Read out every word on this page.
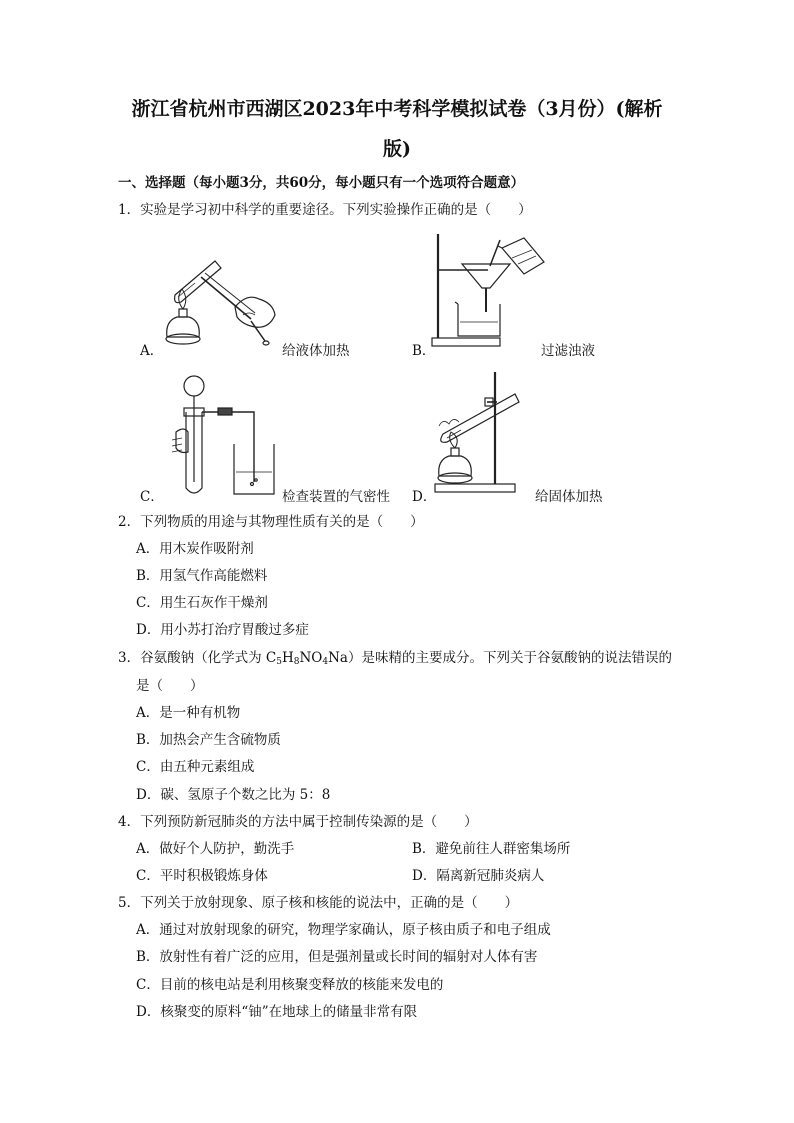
浙江省杭州市西湖区2023年中考科学模拟试卷（3月份）(解析
版)
一、选择题（每小题3分，共60分，每小题只有一个选项符合题意）
1．实验是学习初中科学的重要途径。下列实验操作正确的是（　　）
A．	给液体加热	B．	过滤浊液
C．	检查装置的气密性 D．	给固体加热
2．下列物质的用途与其物理性质有关的是（　　）
A．用木炭作吸附剂
B．用氢气作高能燃料
C．用生石灰作干燥剂
D．用小苏打治疗胃酸过多症
3．谷氨酸钠（化学式为 $C_5H_8NO_4Na$）是味精的主要成分。下列关于谷氨酸钠的说法错误的
是（　　）
A．是一种有机物
B．加热会产生含硫物质
C．由五种元素组成
D．碳、氢原子个数之比为 5：8
4．下列预防新冠肺炎的方法中属于控制传染源的是（　　）
A．做好个人防护，勤洗手	B．避免前往人群密集场所
C．平时积极锻炼身体	D．隔离新冠肺炎病人
5．下列关于放射现象、原子核和核能的说法中，正确的是（　　）
A．通过对放射现象的研究，物理学家确认，原子核由质子和电子组成
B．放射性有着广泛的应用，但是强剂量或长时间的辐射对人体有害
C．目前的核电站是利用核聚变释放的核能来发电的
D．核聚变的原料“铀”在地球上的储量非常有限
